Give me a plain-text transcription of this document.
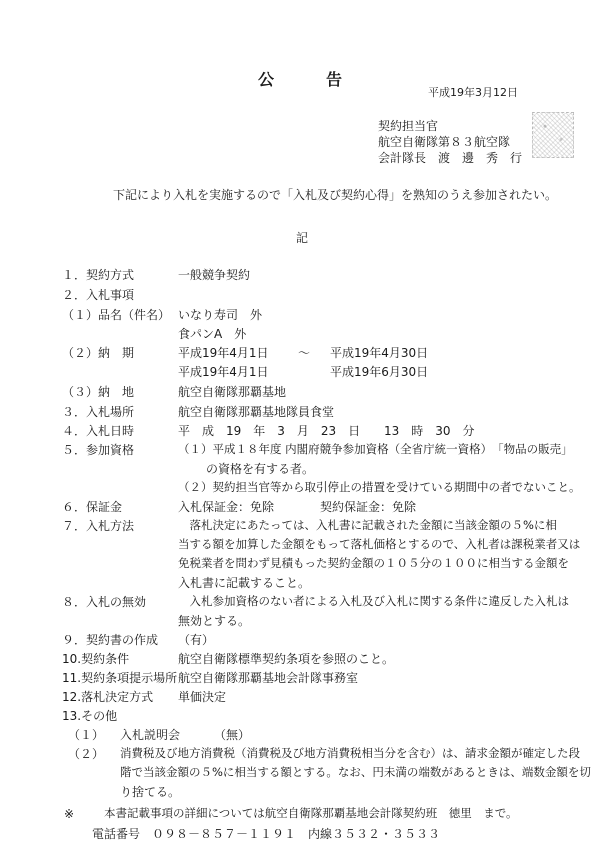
公	告
平成19年3月12日
契約担当官
航空自衛隊第８３航空隊
会計隊長　渡　邊　秀　行
下記により入札を実施するので「入札及び契約心得」を熟知のうえ参加されたい。
記
１．契約方式	一般競争契約
２．入札事項
（１）品名（件名） いなり寿司　外
食パンA　外
（２）納　期	平成19年4月1日 ～ 平成19年4月30日
平成19年4月1日	平成19年6月30日
（３）納　地	航空自衛隊那覇基地
３．入札場所	航空自衛隊那覇基地隊員食堂
４．入札日時	平　成　19　年　3　月　23　日 13　時　30　分
５．参加資格	（１）平成１８年度 内閣府競争参加資格（全省庁統一資格）　「物品の販売」
の資格を有する者。
（２）契約担当官等から取引停止の措置を受けている期間中の者でないこと。
６．保証金	入札保証金：免除	契約保証金：免除
７．入札方法	　落札決定にあたっては、入札書に記載された金額に当該金額の５%に相
当する額を加算した金額をもって落札価格とするので、入札者は課税業者又は
免税業者を問わず見積もった契約金額の１０５分の１００に相当する金額を
入札書に記載すること。
８．入札の無効	　入札参加資格のない者による入札及び入札に関する条件に違反した入札は
無効とする。
９．契約書の作成 （有）
10.契約条件	航空自衛隊標準契約条項を参照のこと。
11.契約条項提示場所 航空自衛隊那覇基地会計隊事務室
12.落札決定方式 単価決定
13.その他
（１） 入札説明会	（無）
（２） 消費税及び地方消費税（消費税及び地方消費税相当分を含む）は、請求金額が確定した段
階で当該金額の５%に相当する額とする。なお、円未満の端数があるときは、端数金額を切
り捨てる。
※	本書記載事項の詳細については航空自衛隊那覇基地会計隊契約班　徳里　まで。
電話番号　０９８－８５７－１１９１　内線３５３２・３５３３
